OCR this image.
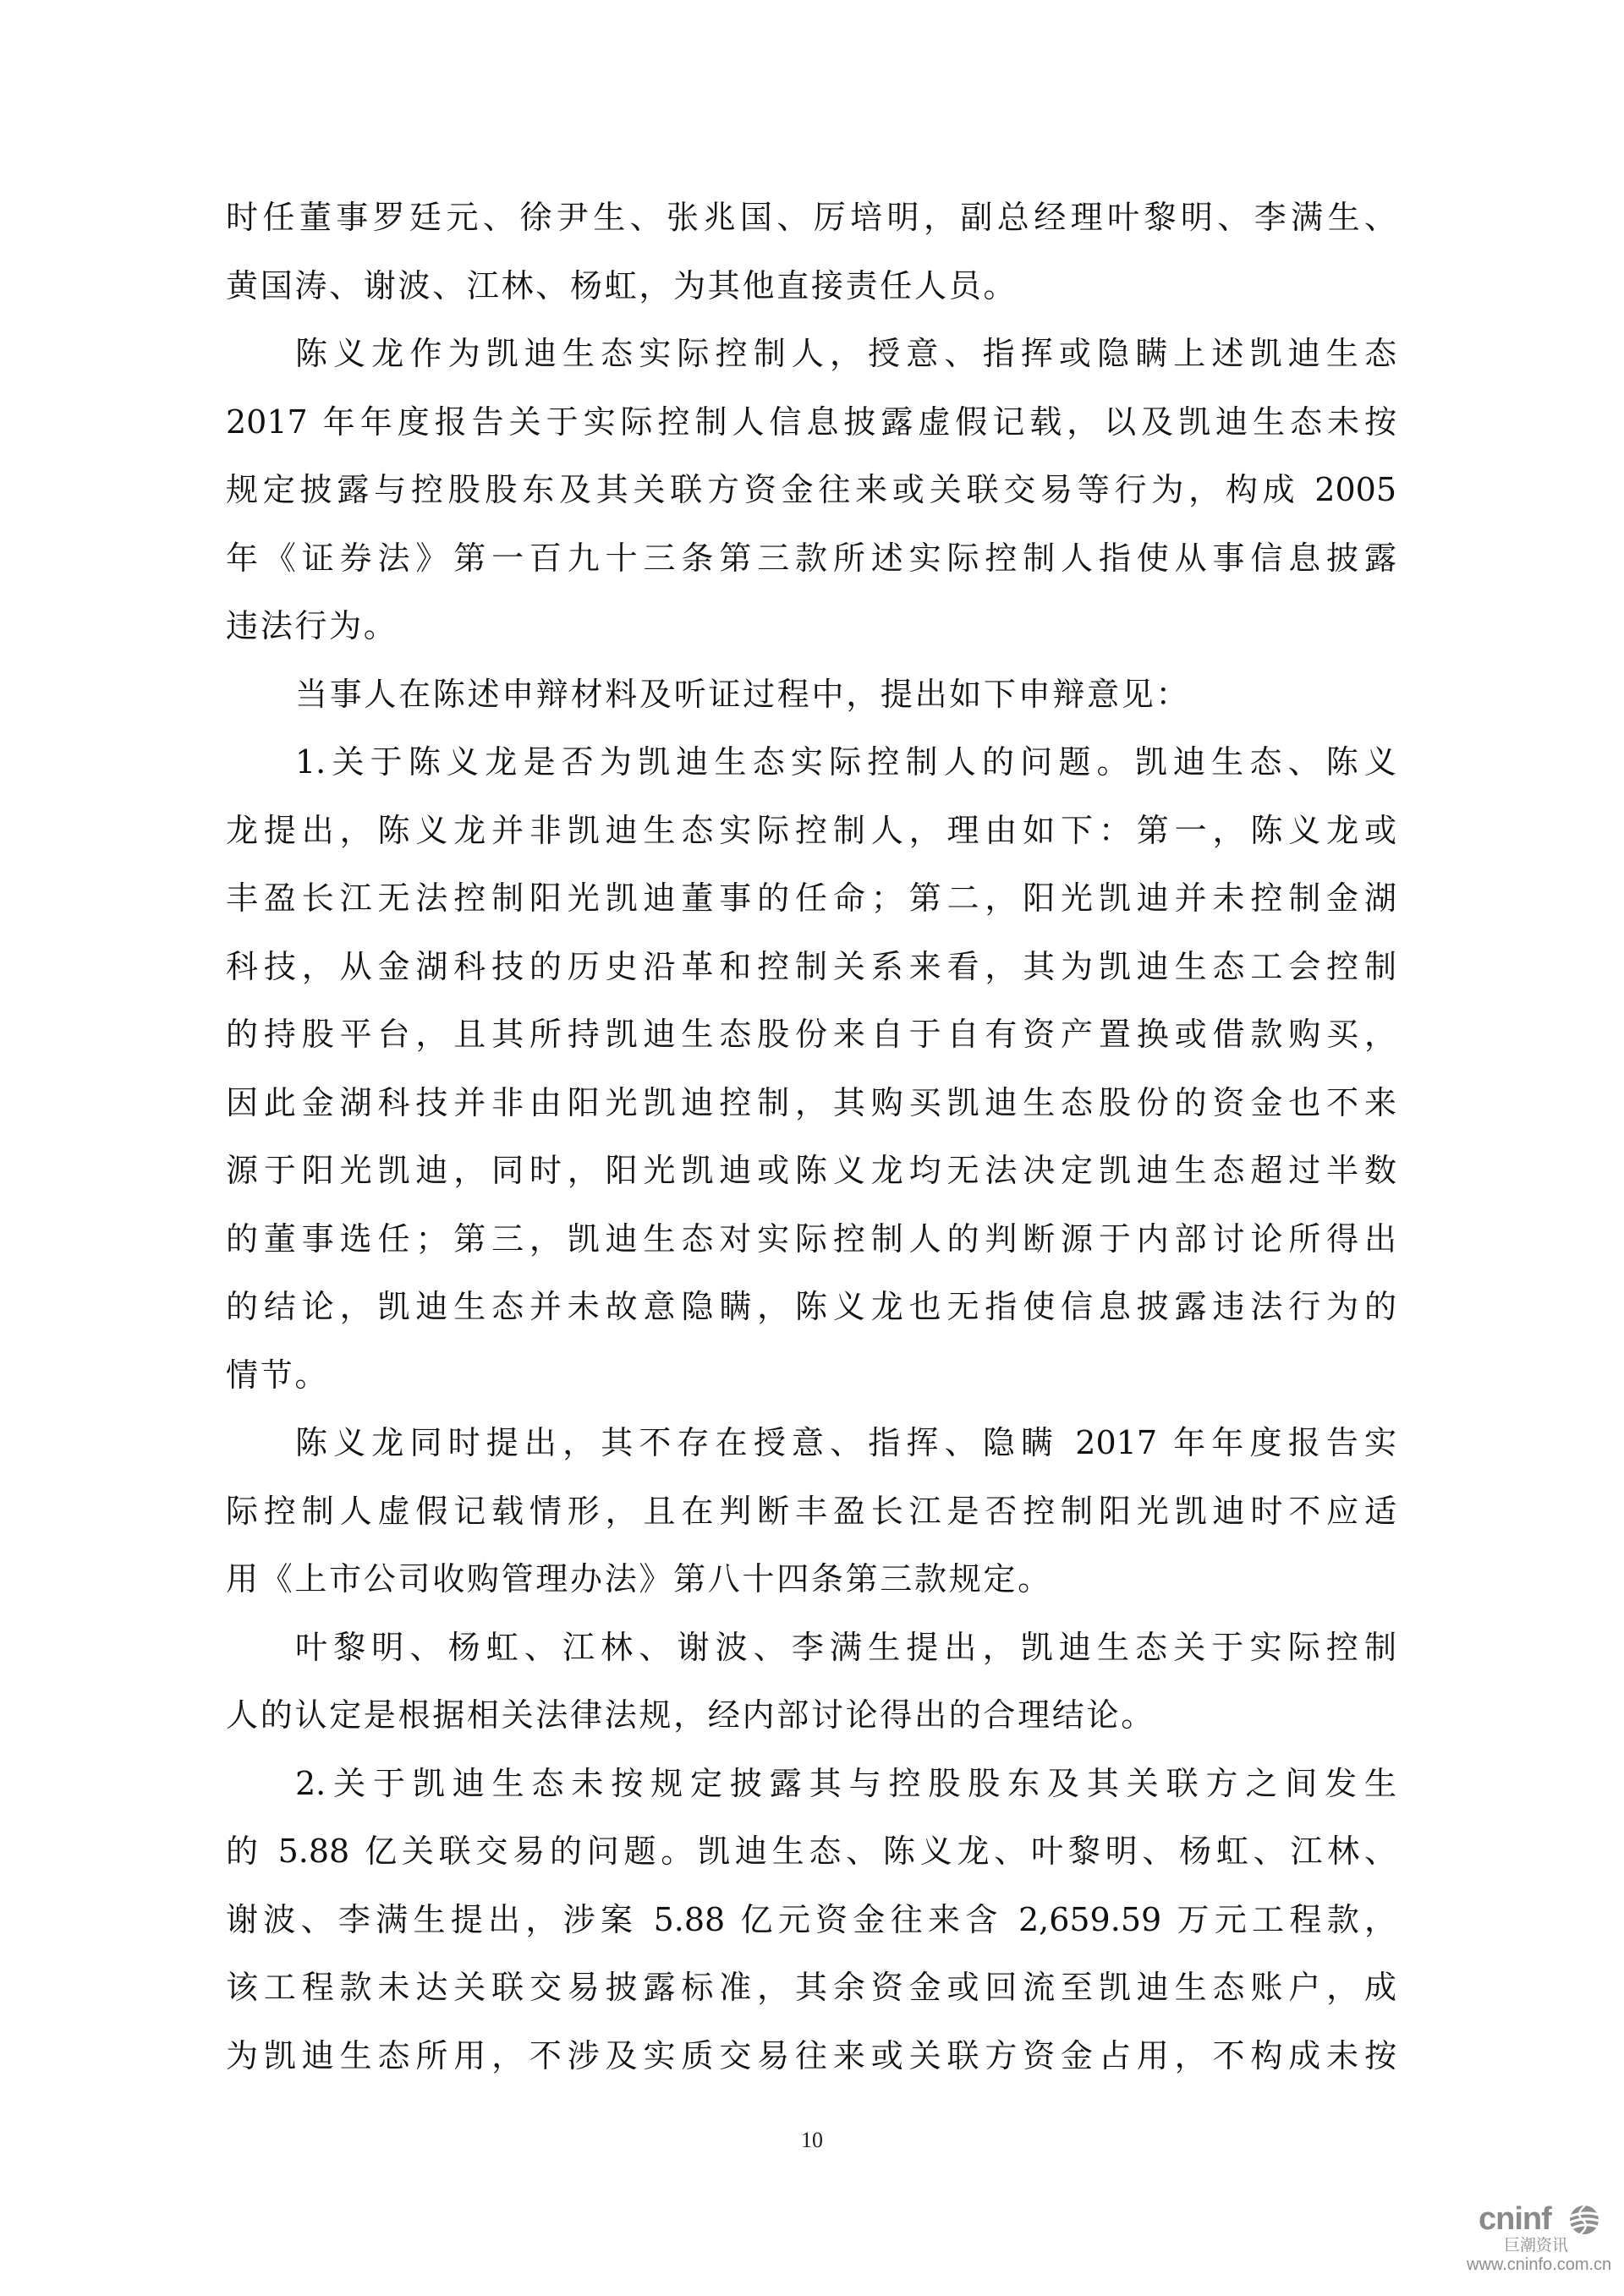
时任董事罗廷元、徐尹生、张兆国、厉培明，副总经理叶黎明、李满生、
黄国涛、谢波、江林、杨虹，为其他直接责任人员。
陈义龙作为凯迪生态实际控制人，授意、指挥或隐瞒上述凯迪生态
2017 年年度报告关于实际控制人信息披露虚假记载，以及凯迪生态未按
规定披露与控股股东及其关联方资金往来或关联交易等行为，构成 2005
年《证券法》第一百九十三条第三款所述实际控制人指使从事信息披露
违法行为。
当事人在陈述申辩材料及听证过程中，提出如下申辩意见：
1.关于陈义龙是否为凯迪生态实际控制人的问题。凯迪生态、陈义
龙提出，陈义龙并非凯迪生态实际控制人，理由如下：第一，陈义龙或
丰盈长江无法控制阳光凯迪董事的任命；第二，阳光凯迪并未控制金湖
科技，从金湖科技的历史沿革和控制关系来看，其为凯迪生态工会控制
的持股平台，且其所持凯迪生态股份来自于自有资产置换或借款购买，
因此金湖科技并非由阳光凯迪控制，其购买凯迪生态股份的资金也不来
源于阳光凯迪，同时，阳光凯迪或陈义龙均无法决定凯迪生态超过半数
的董事选任；第三，凯迪生态对实际控制人的判断源于内部讨论所得出
的结论，凯迪生态并未故意隐瞒，陈义龙也无指使信息披露违法行为的
情节。
陈义龙同时提出，其不存在授意、指挥、隐瞒 2017 年年度报告实
际控制人虚假记载情形，且在判断丰盈长江是否控制阳光凯迪时不应适
用《上市公司收购管理办法》第八十四条第三款规定。
叶黎明、杨虹、江林、谢波、李满生提出，凯迪生态关于实际控制
人的认定是根据相关法律法规，经内部讨论得出的合理结论。
2.关于凯迪生态未按规定披露其与控股股东及其关联方之间发生
的 5.88 亿关联交易的问题。凯迪生态、陈义龙、叶黎明、杨虹、江林、
谢波、李满生提出，涉案 5.88 亿元资金往来含 2,659.59 万元工程款，
该工程款未达关联交易披露标准，其余资金或回流至凯迪生态账户，成
为凯迪生态所用，不涉及实质交易往来或关联方资金占用，不构成未按
10
cninf
巨潮资讯
www.cninfo.com.cn
